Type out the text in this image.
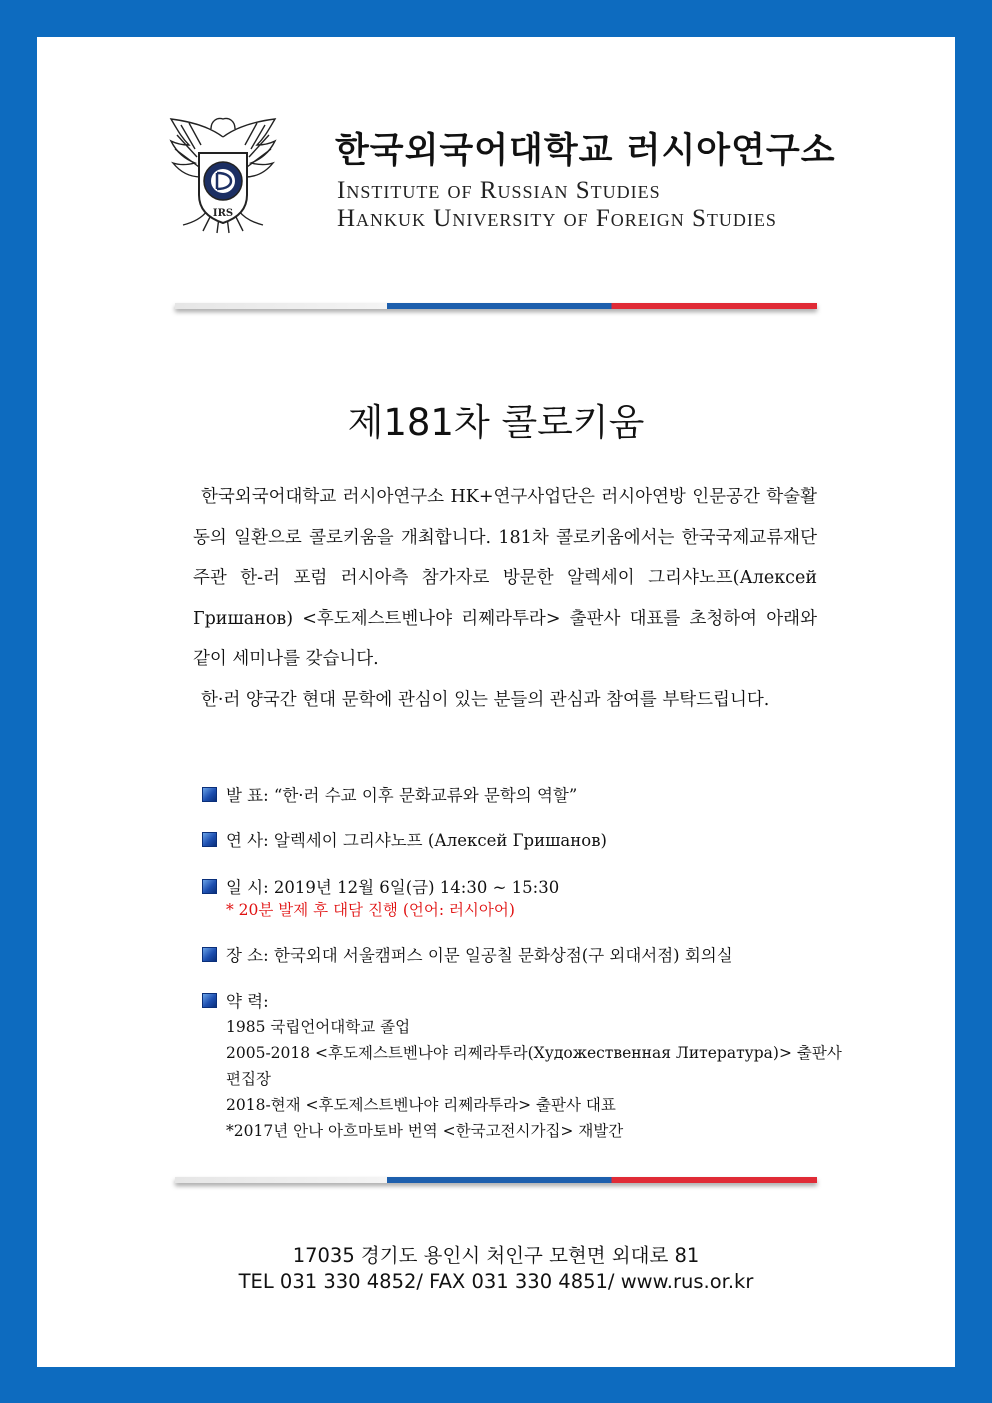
IRS
한국외국어대학교 러시아연구소
Institute of Russian Studies
Hankuk University of Foreign Studies
제181차 콜로키움

한국외국어대학교 러시아연구소 HK+연구사업단은 러시아연방 인문공간 학술활동의 일환으로 콜로키움을 개최합니다. 181차 콜로키움에서는 한국국제교류재단 주관 한-러 포럼 러시아측 참가자로 방문한 알렉세이 그리샤노프(Алексей Гришанов) <후도제스트벤나야 리쩨라투라> 출판사 대표를 초청하여 아래와 같이 세미나를 갖습니다.

한·러 양국간 현대 문학에 관심이 있는 분들의 관심과 참여를 부탁드립니다.

발 표: “한·러 수교 이후 문화교류와 문학의 역할”
연 사: 알렉세이 그리샤노프 (Алексей Гришанов)
일 시: 2019년 12월 6일(금) 14:30 ~ 15:30
* 20분 발제 후 대담 진행 (언어: 러시아어)
장 소: 한국외대 서울캠퍼스 이문 일공칠 문화상점(구 외대서점) 회의실
약 력:
1985 국립언어대학교 졸업
2005-2018 <후도제스트벤나야 리쩨라투라(Художественная Литература)> 출판사
편집장
2018-현재 <후도제스트벤나야 리쩨라투라> 출판사 대표
*2017년 안나 아흐마토바 번역 <한국고전시가집> 재발간
17035 경기도 용인시 처인구 모현면 외대로 81
TEL 031 330 4852/ FAX 031 330 4851/ www.rus.or.kr
